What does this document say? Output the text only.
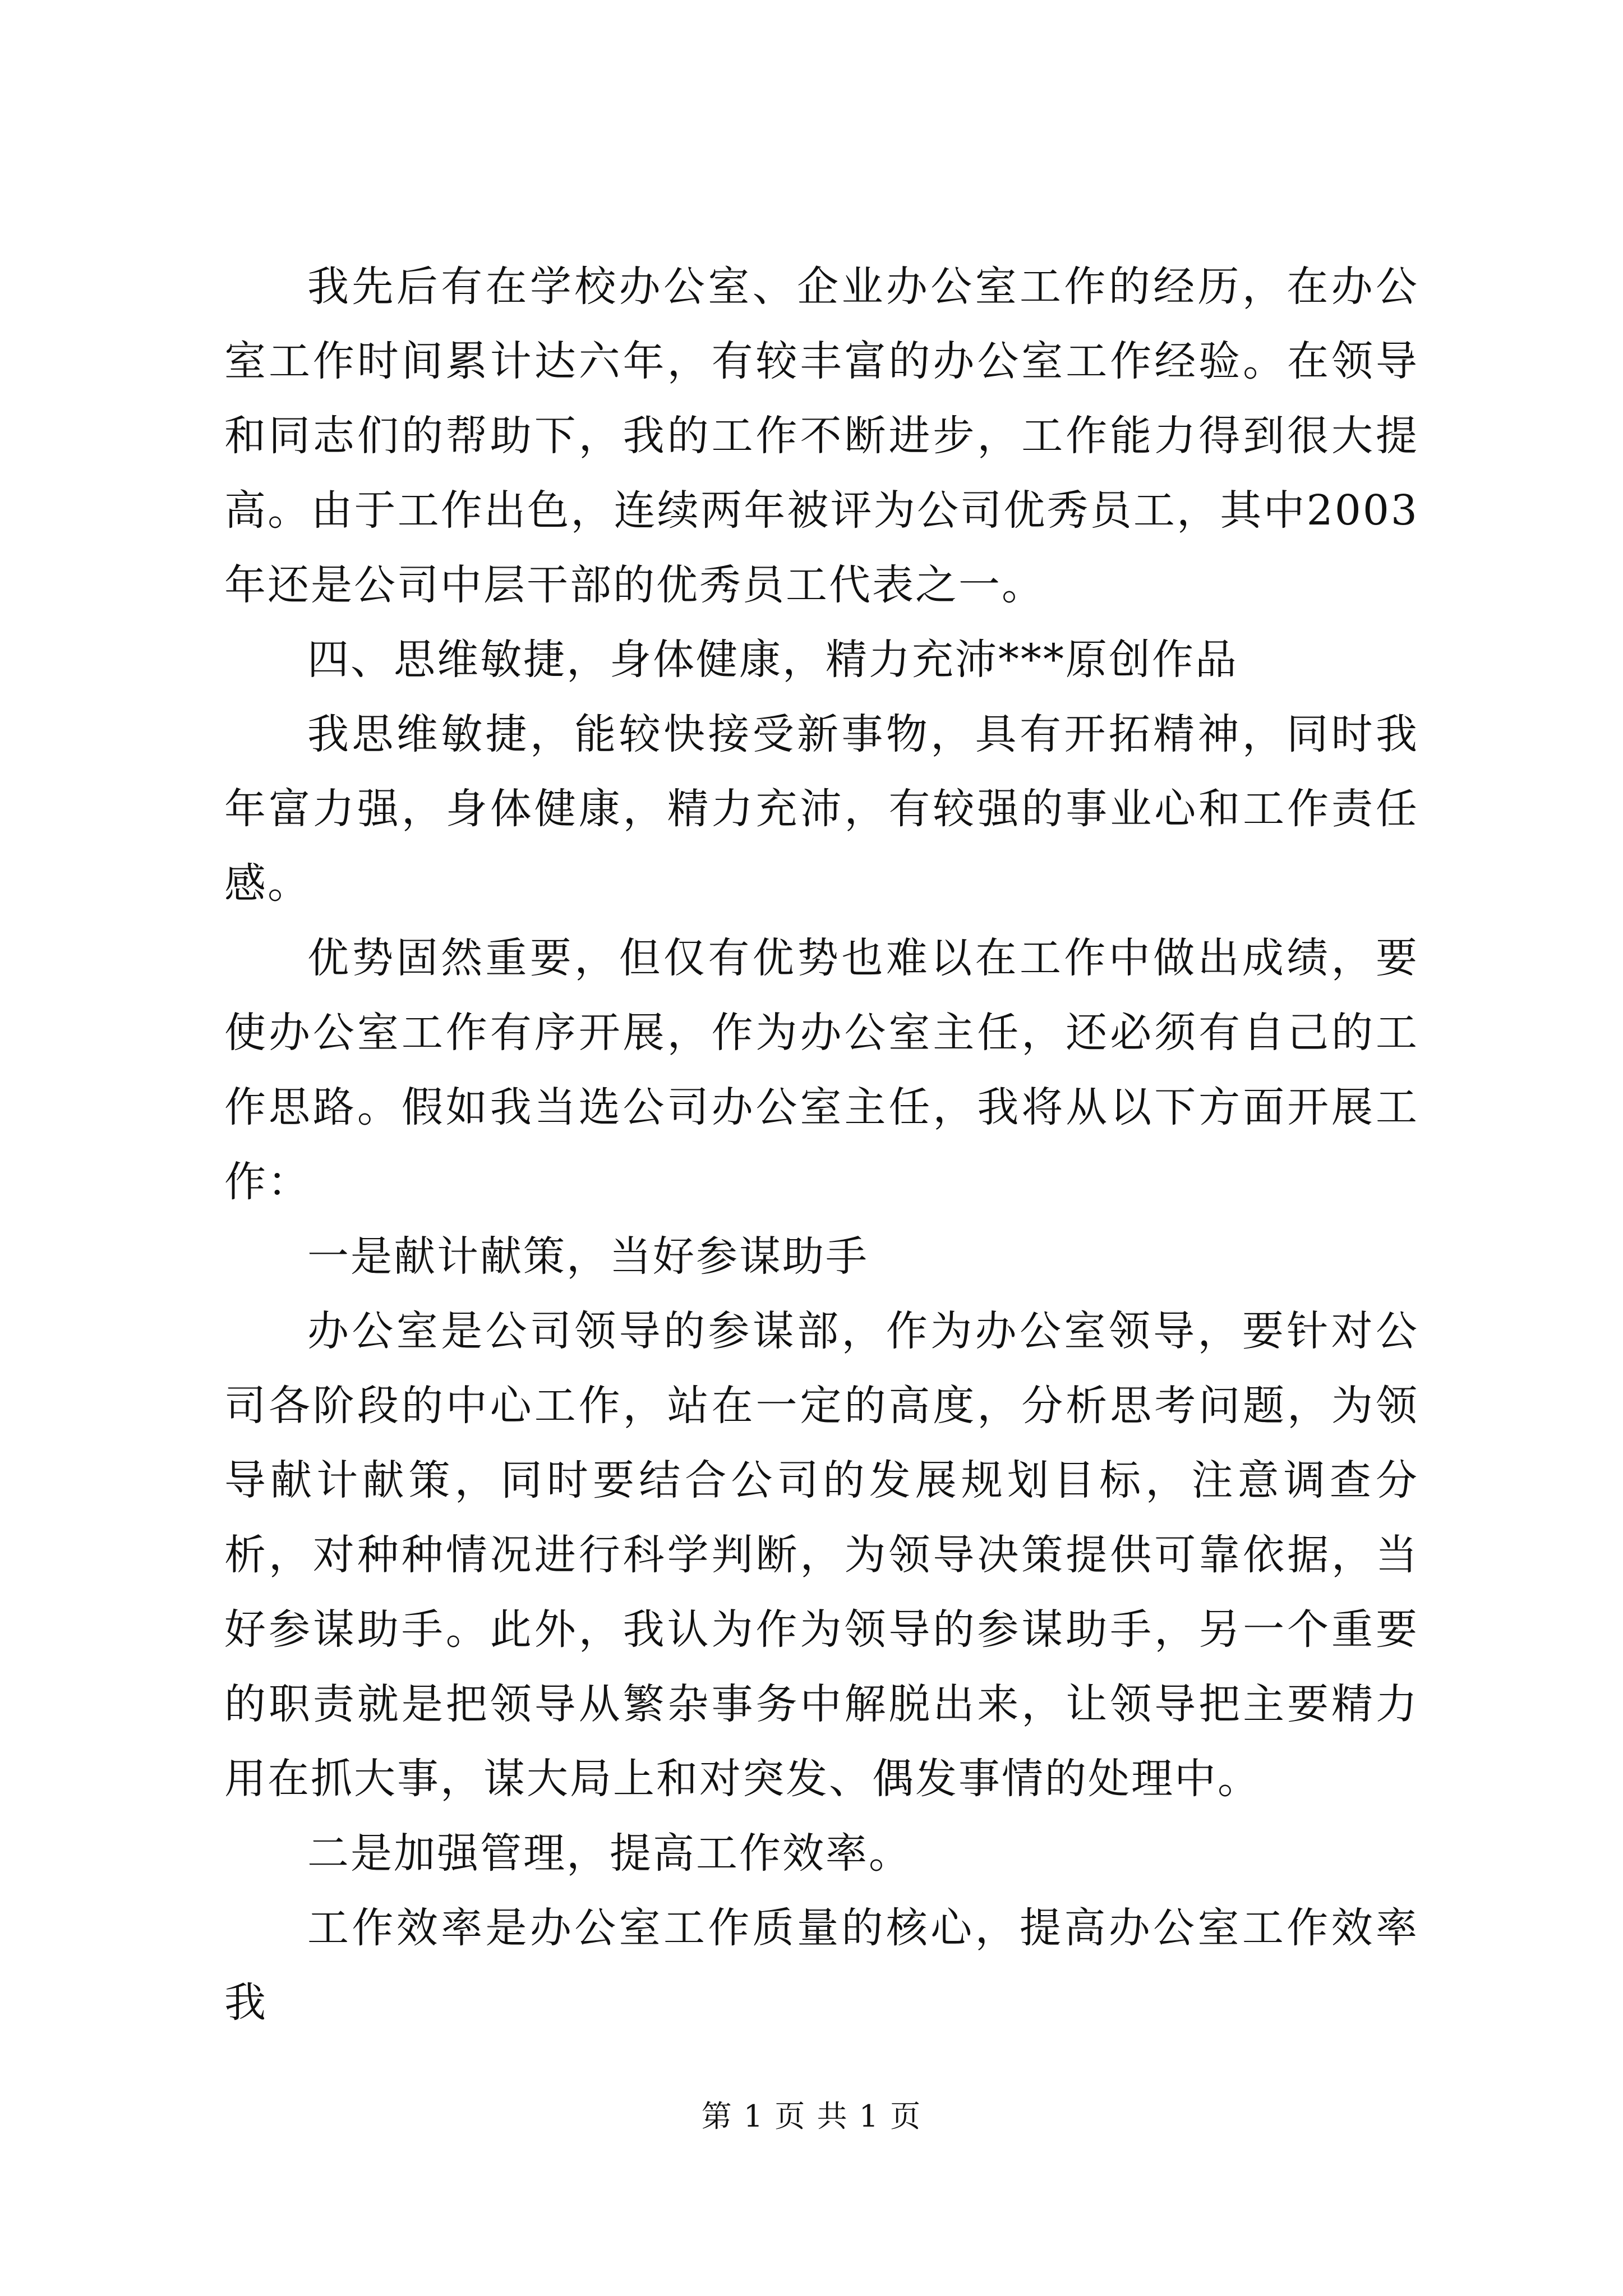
我先后有在学校办公室、企业办公室工作的经历，在办公室工作时间累计达六年，有较丰富的办公室工作经验。在领导和同志们的帮助下，我的工作不断进步，工作能力得到很大提高。由于工作出色，连续两年被评为公司优秀员工，其中2003年还是公司中层干部的优秀员工代表之一。

四、思维敏捷，身体健康，精力充沛***原创作品

我思维敏捷，能较快接受新事物，具有开拓精神，同时我年富力强，身体健康，精力充沛，有较强的事业心和工作责任感。

优势固然重要，但仅有优势也难以在工作中做出成绩，要使办公室工作有序开展，作为办公室主任，还必须有自己的工作思路。假如我当选公司办公室主任，我将从以下方面开展工作：

一是献计献策，当好参谋助手

办公室是公司领导的参谋部，作为办公室领导，要针对公司各阶段的中心工作，站在一定的高度，分析思考问题，为领导献计献策，同时要结合公司的发展规划目标，注意调查分析，对种种情况进行科学判断，为领导决策提供可靠依据，当好参谋助手。此外，我认为作为领导的参谋助手，另一个重要的职责就是把领导从繁杂事务中解脱出来，让领导把主要精力用在抓大事，谋大局上和对突发、偶发事情的处理中。

二是加强管理，提高工作效率。

工作效率是办公室工作质量的核心，提高办公室工作效率我

第 1 页 共 1 页
